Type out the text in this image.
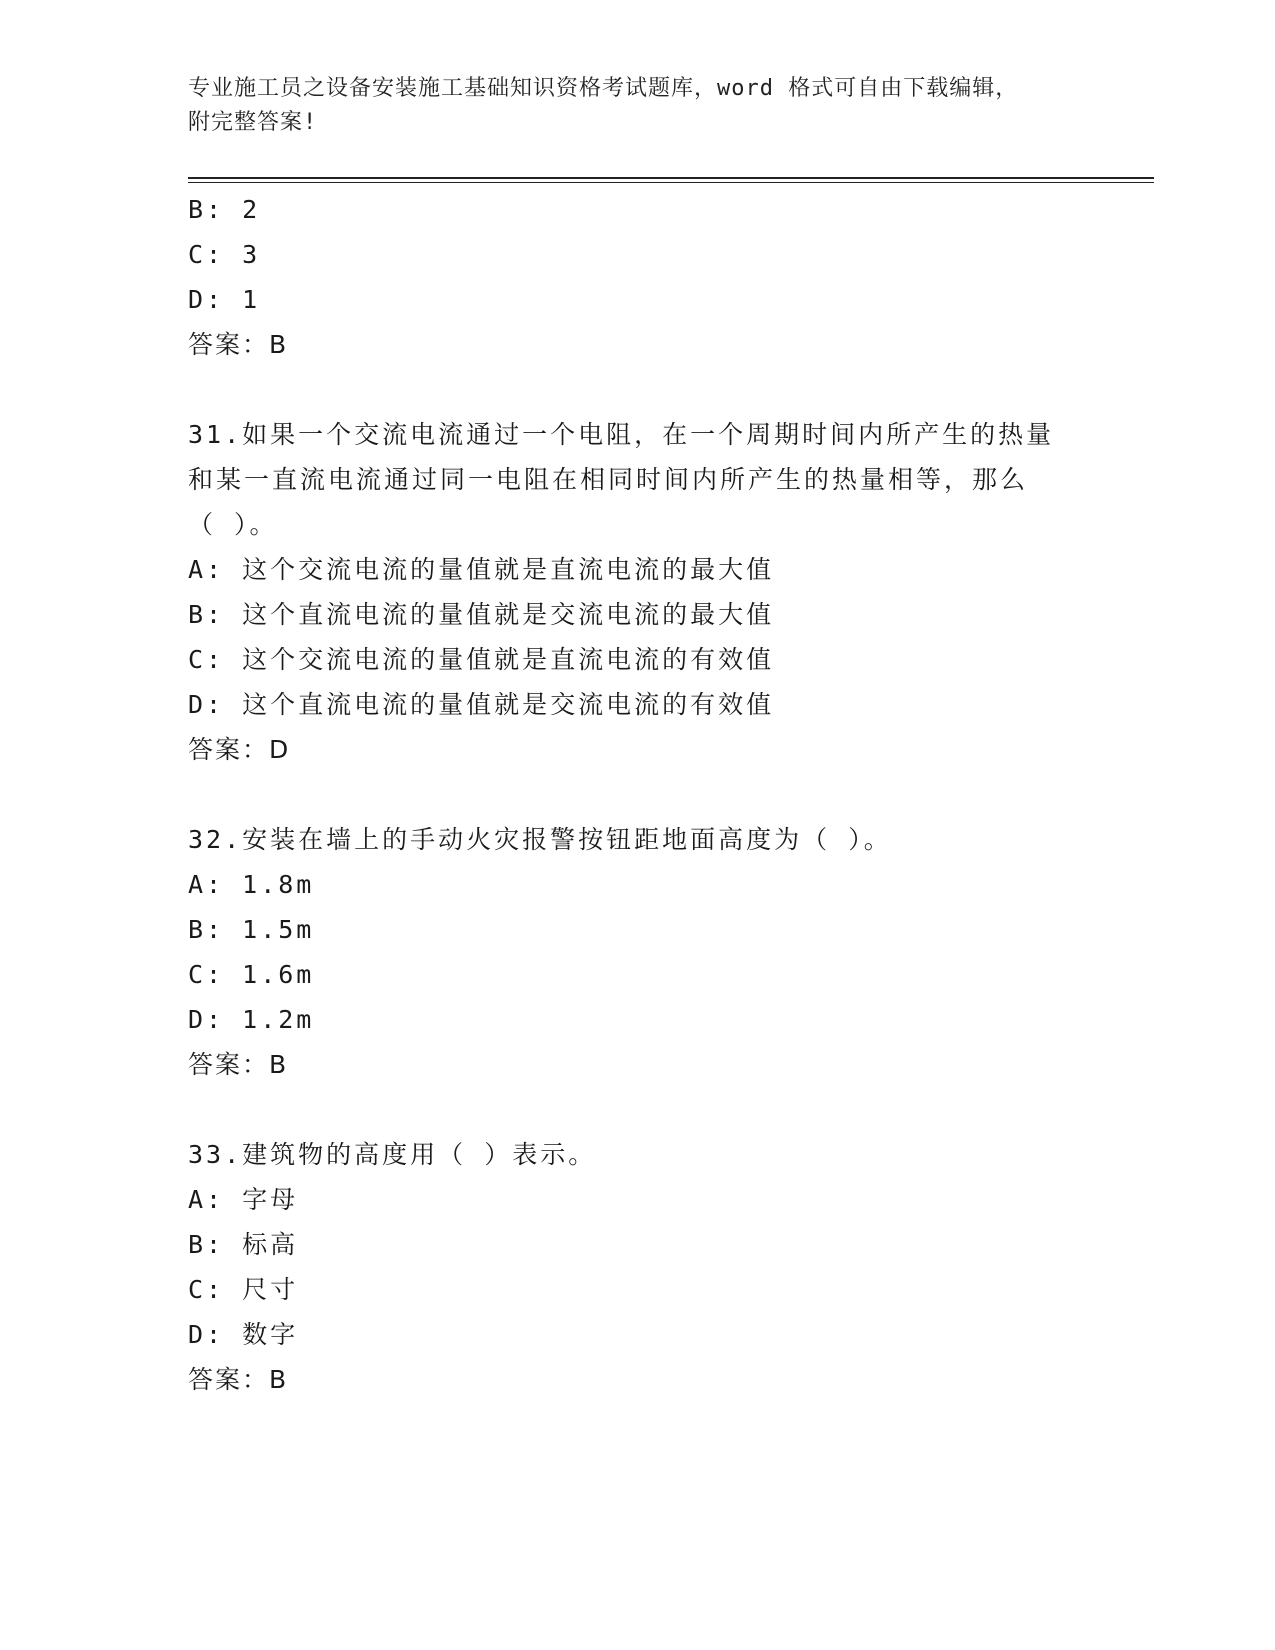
专业施工员之设备安装施工基础知识资格考试题库，word 格式可自由下载编辑，
附完整答案!
B: 2
C: 3
D: 1
答案：B
31.如果一个交流电流通过一个电阻，在一个周期时间内所产生的热量
和某一直流电流通过同一电阻在相同时间内所产生的热量相等，那么
（ ）。
A: 这个交流电流的量值就是直流电流的最大值
B: 这个直流电流的量值就是交流电流的最大值
C: 这个交流电流的量值就是直流电流的有效值
D: 这个直流电流的量值就是交流电流的有效值
答案：D
32.安装在墙上的手动火灾报警按钮距地面高度为（ ）。
A: 1.8m
B: 1.5m
C: 1.6m
D: 1.2m
答案：B
33.建筑物的高度用（ ）表示。
A: 字母
B: 标高
C: 尺寸
D: 数字
答案：B
